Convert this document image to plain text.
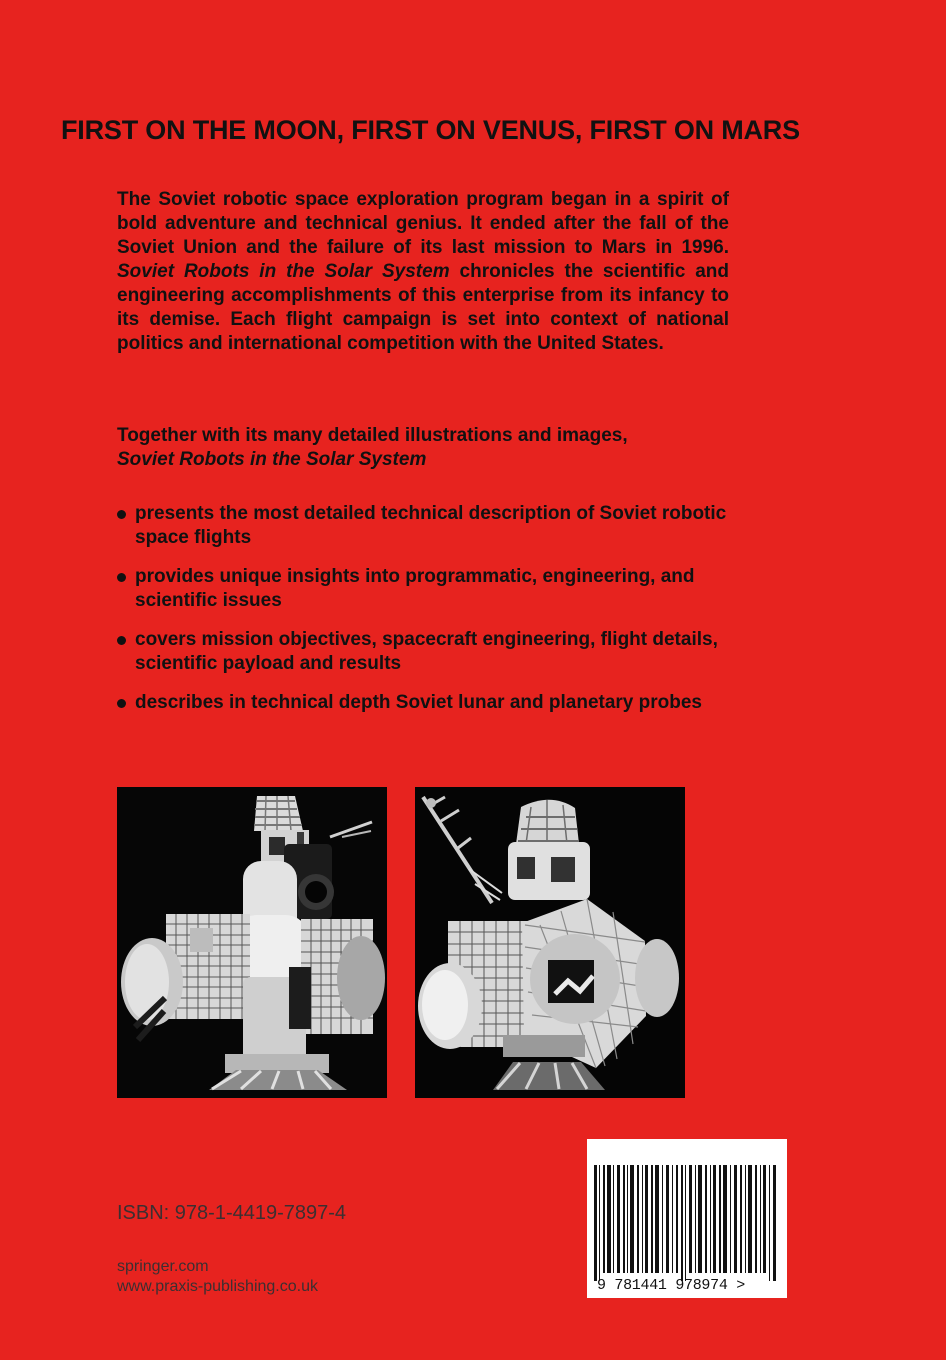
FIRST ON THE MOON, FIRST ON VENUS, FIRST ON MARS

The Soviet robotic space exploration program began in a spirit of bold adventure and technical genius. It ended after the fall of the Soviet Union and the failure of its last mission to Mars in 1996. Soviet Robots in the Solar System chronicles the scientific and engineering accomplishments of this enterprise from its infancy to its demise. Each flight campaign is set into context of national politics and international competition with the United States.

Together with its many detailed illustrations and images,
Soviet Robots in the Solar System

presents the most detailed technical description of Soviet robotic space flights
provides unique insights into programmatic, engineering, and scientific issues
covers mission objectives, spacecraft engineering, flight details, scientific payload and results
describes in technical depth Soviet lunar and planetary probes
9 781441 978974 >

ISBN: 978-1-4419-7897-4

springer.com

www.praxis-publishing.co.uk
